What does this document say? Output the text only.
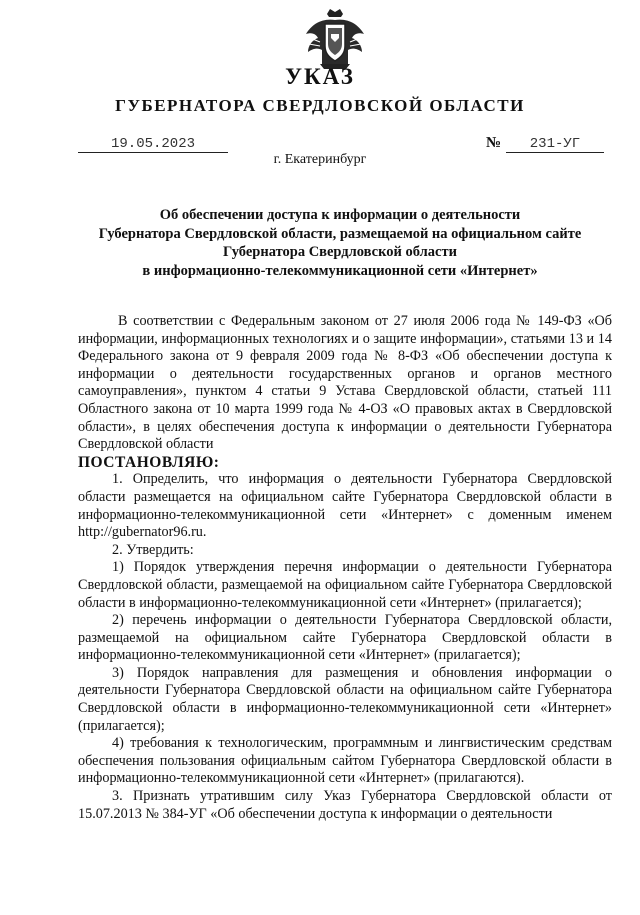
УКАЗ
ГУБЕРНАТОРА СВЕРДЛОВСКОЙ ОБЛАСТИ
19.05.2023	№	231-УГ
г. Екатеринбург
Об обеспечении доступа к информации о деятельности
Губернатора Свердловской области, размещаемой на официальном сайте
Губернатора Свердловской области
в информационно-телекоммуникационной сети «Интернет»

В соответствии с Федеральным законом от 27 июля 2006 года № 149-ФЗ «Об информации, информационных технологиях и о защите информации», статьями 13 и 14 Федерального закона от 9 февраля 2009 года № 8-ФЗ «Об обеспечении доступа к информации о деятельности государственных органов и органов местного самоуправления», пунктом 4 статьи 9 Устава Свердловской области, статьей 111 Областного закона от 10 марта 1999 года № 4-ОЗ «О правовых актах в Свердловской области», в целях обеспечения доступа к информации о деятельности Губернатора Свердловской области

ПОСТАНОВЛЯЮ:

1. Определить, что информация о деятельности Губернатора Свердловской области размещается на официальном сайте Губернатора Свердловской области в информационно-телекоммуникационной сети «Интернет» с доменным именем http://gubernator96.ru.

2. Утвердить:

1) Порядок утверждения перечня информации о деятельности Губернатора Свердловской области, размещаемой на официальном сайте Губернатора Свердловской области в информационно-телекоммуникационной сети «Интернет» (прилагается);

2) перечень информации о деятельности Губернатора Свердловской области, размещаемой на официальном сайте Губернатора Свердловской области в информационно-телекоммуникационной сети «Интернет» (прилагается);

3) Порядок направления для размещения и обновления информации о деятельности Губернатора Свердловской области на официальном сайте Губернатора Свердловской области в информационно-телекоммуникационной сети «Интернет» (прилагается);

4) требования к технологическим, программным и лингвистическим средствам обеспечения пользования официальным сайтом Губернатора Свердловской области в информационно-телекоммуникационной сети «Интернет» (прилагаются).

3. Признать утратившим силу Указ Губернатора Свердловской области от 15.07.2013 № 384-УГ «Об обеспечении доступа к информации о деятельности
